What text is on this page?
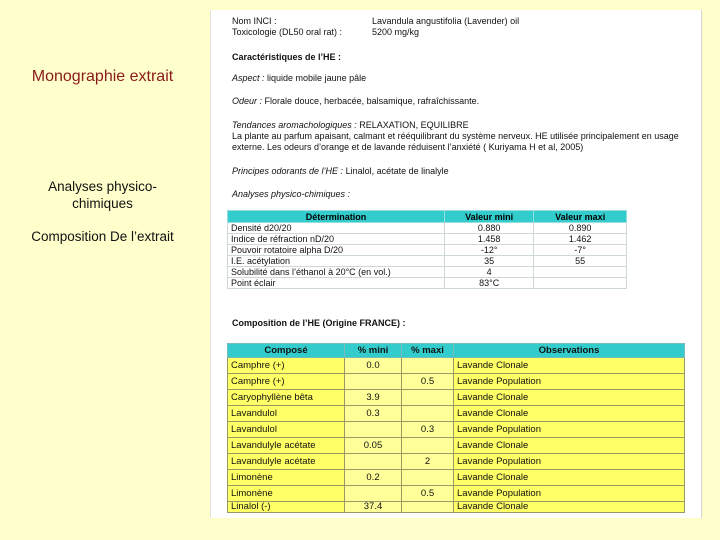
Monographie extrait
Analyses physico-chimiques
Composition De l’extrait
Nom INCI :	Lavandula angustifolia (Lavender) oil
Toxicologie (DL50 oral rat) :	5200 mg/kg
Caractéristiques de l’HE :
Aspect : liquide mobile jaune pâle
Odeur : Florale douce, herbacée, balsamique, rafraîchissante.
Tendances aromachologiques : RELAXATION, EQUILIBRE
La plante au parfum apaisant, calmant et rééquilibrant du système nerveux. HE utilisée principalement en usage externe. Les odeurs d’orange et de lavande réduisent l’anxiété ( Kuriyama H et al, 2005)
Principes odorants de l’HE : Linalol, acétate de linalyle
Analyses physico-chimiques :
Détermination	Valeur mini	Valeur maxi
Densité d20/20	0.880	0.890
Indice de réfraction nD/20	1.458	1.462
Pouvoir rotatoire alpha D/20	-12°	-7°
I.E. acétylation	35	55
Solubilité dans l’éthanol à 20°C (en vol.)	4	
Point éclair	83°C	
Composition de l’HE (Origine FRANCE) :
Composé	% mini	% maxi	Observations
Camphre (+)	0.0		Lavande Clonale
Camphre (+)		0.5	Lavande Population
Caryophyllène bêta	3.9		Lavande Clonale
Lavandulol	0.3		Lavande Clonale
Lavandulol		0.3	Lavande Population
Lavandulyle acétate	0.05		Lavande Clonale
Lavandulyle acétate		2	Lavande Population
Limonène	0.2		Lavande Clonale
Limonène		0.5	Lavande Population
Linalol (-)	37.4		Lavande Clonale
